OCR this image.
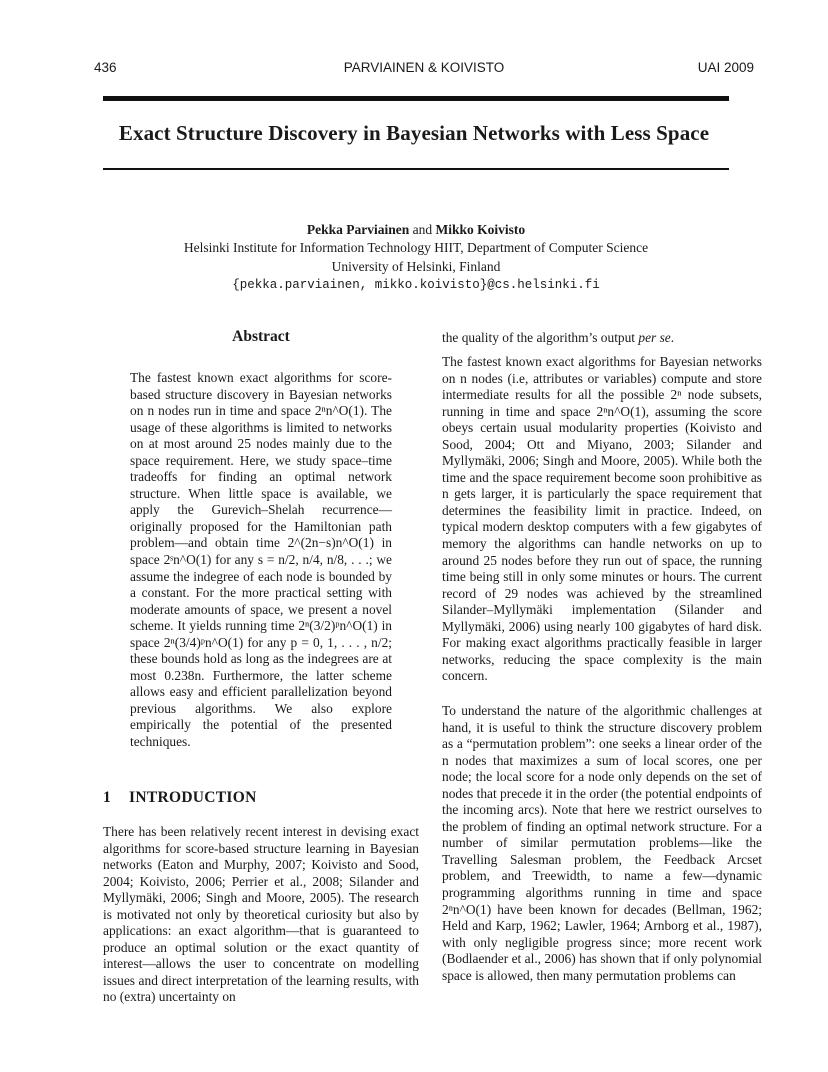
436	PARVIAINEN & KOIVISTO	UAI 2009
Exact Structure Discovery in Bayesian Networks with Less Space
Pekka Parviainen and Mikko Koivisto
Helsinki Institute for Information Technology HIIT, Department of Computer Science
University of Helsinki, Finland
{pekka.parviainen, mikko.koivisto}@cs.helsinki.fi
Abstract

The fastest known exact algorithms for score-based structure discovery in Bayesian networks on n nodes run in time and space 2ⁿn^O(1). The usage of these algorithms is limited to networks on at most around 25 nodes mainly due to the space requirement. Here, we study space–time tradeoffs for finding an optimal network structure. When little space is available, we apply the Gurevich–Shelah recurrence—originally proposed for the Hamiltonian path problem—and obtain time 2^(2n−s)n^O(1) in space 2ˢn^O(1) for any s = n/2, n/4, n/8, . . .; we assume the indegree of each node is bounded by a constant. For the more practical setting with moderate amounts of space, we present a novel scheme. It yields running time 2ⁿ(3/2)ᵖn^O(1) in space 2ⁿ(3/4)ᵖn^O(1) for any p = 0, 1, . . . , n/2; these bounds hold as long as the indegrees are at most 0.238n. Furthermore, the latter scheme allows easy and efficient parallelization beyond previous algorithms. We also explore empirically the potential of the presented techniques.

1 INTRODUCTION

There has been relatively recent interest in devising exact algorithms for score-based structure learning in Bayesian networks (Eaton and Murphy, 2007; Koivisto and Sood, 2004; Koivisto, 2006; Perrier et al., 2008; Silander and Myllymäki, 2006; Singh and Moore, 2005). The research is motivated not only by theoretical curiosity but also by applications: an exact algorithm—that is guaranteed to produce an optimal solution or the exact quantity of interest—allows the user to concentrate on modelling issues and direct interpretation of the learning results, with no (extra) uncertainty on

the quality of the algorithm’s output per se.

The fastest known exact algorithms for Bayesian networks on n nodes (i.e, attributes or variables) compute and store intermediate results for all the possible 2ⁿ node subsets, running in time and space 2ⁿn^O(1), assuming the score obeys certain usual modularity properties (Koivisto and Sood, 2004; Ott and Miyano, 2003; Silander and Myllymäki, 2006; Singh and Moore, 2005). While both the time and the space requirement become soon prohibitive as n gets larger, it is particularly the space requirement that determines the feasibility limit in practice. Indeed, on typical modern desktop computers with a few gigabytes of memory the algorithms can handle networks on up to around 25 nodes before they run out of space, the running time being still in only some minutes or hours. The current record of 29 nodes was achieved by the streamlined Silander–Myllymäki implementation (Silander and Myllymäki, 2006) using nearly 100 gigabytes of hard disk. For making exact algorithms practically feasible in larger networks, reducing the space complexity is the main concern.

To understand the nature of the algorithmic challenges at hand, it is useful to think the structure discovery problem as a “permutation problem”: one seeks a linear order of the n nodes that maximizes a sum of local scores, one per node; the local score for a node only depends on the set of nodes that precede it in the order (the potential endpoints of the incoming arcs). Note that here we restrict ourselves to the problem of finding an optimal network structure. For a number of similar permutation problems—like the Travelling Salesman problem, the Feedback Arcset problem, and Treewidth, to name a few—dynamic programming algorithms running in time and space 2ⁿn^O(1) have been known for decades (Bellman, 1962; Held and Karp, 1962; Lawler, 1964; Arnborg et al., 1987), with only negligible progress since; more recent work (Bodlaender et al., 2006) has shown that if only polynomial space is allowed, then many permutation problems can
